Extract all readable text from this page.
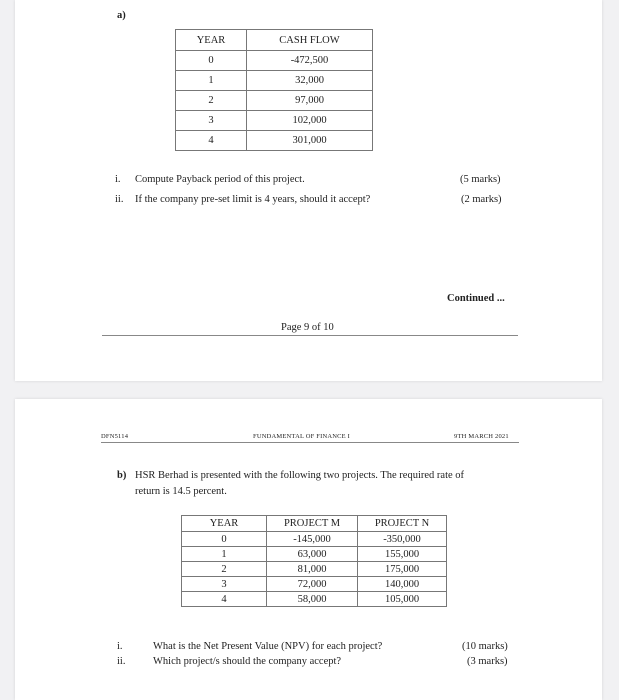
a)
YEAR	CASH FLOW
0	-472,500
1	32,000
2	97,000
3	102,000
4	301,000
i. Compute Payback period of this project.	(5 marks)
ii. If the company pre-set limit is 4 years, should it accept?	(2 marks)
Continued ...
Page 9 of 10
DFN5114	FUNDAMENTAL OF FINANCE I	9TH MARCH 2021
b) HSR Berhad is presented with the following two projects. The required rate of
return is 14.5 percent.
YEAR	PROJECT M	PROJECT N
0	-145,000	-350,000
1	63,000	155,000
2	81,000	175,000
3	72,000	140,000
4	58,000	105,000
i.	What is the Net Present Value (NPV) for each project?	(10 marks)
ii.	Which project/s should the company accept?	(3 marks)
